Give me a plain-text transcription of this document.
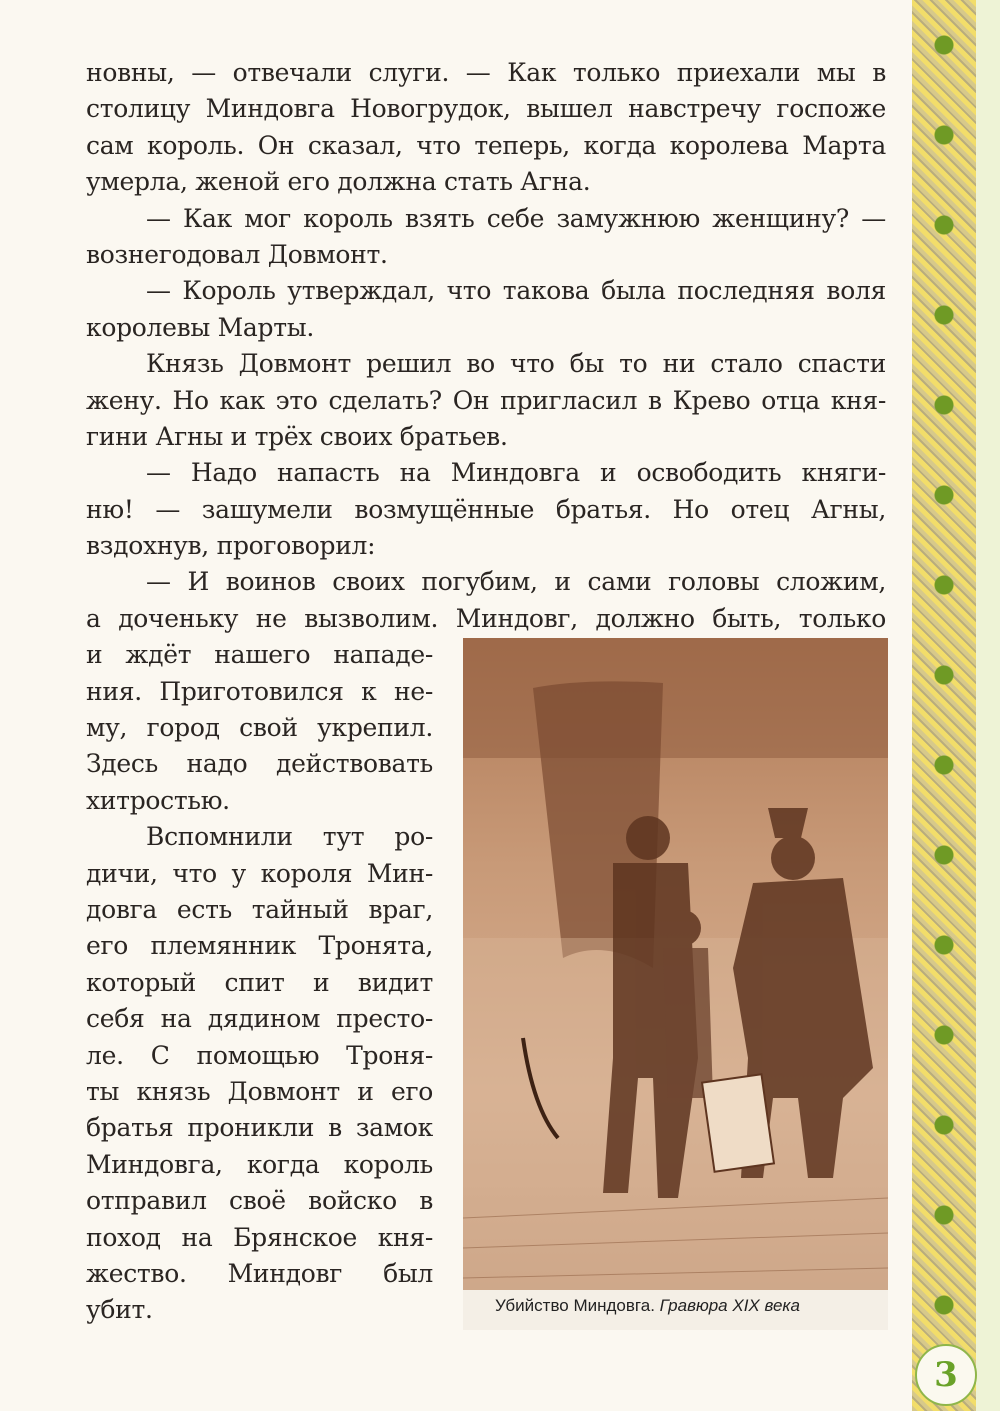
новны, — отвечали слуги. — Как только приехали мы в
столицу Миндовга Новогрудок, вышел навстречу госпоже
сам король. Он сказал, что теперь, когда королева Марта
умерла, женой его должна стать Агна.
— Как мог король взять себе замужнюю женщину? —
вознегодовал Довмонт.
— Король утверждал, что такова была последняя воля
королевы Марты.
Князь Довмонт решил во что бы то ни стало спасти
жену. Но как это сделать? Он пригласил в Крево отца кня-
гини Агны и трёх своих братьев.
— Надо напасть на Миндовга и освободить княги-
ню! — зашумели возмущённые братья. Но отец Агны,
вздохнув, проговорил:
— И воинов своих погубим, и сами головы сложим,
а доченьку не вызволим. Миндовг, должно быть, только
и ждёт нашего нападе-
ния. Приготовился к не-
му, город свой укрепил.
Здесь надо действовать
хитростью.
Вспомнили тут ро-
дичи, что у короля Мин-
довга есть тайный враг,
его племянник Тронята,
который спит и видит
себя на дядином престо-
ле. С помощью Троня-
ты князь Довмонт и его
братья проникли в замок
Миндовга, когда король
отправил своё войско в
поход на Брянское кня-
жество. Миндовг был
убит.	Убийство Миндовга. Гравюра XIX века
3
